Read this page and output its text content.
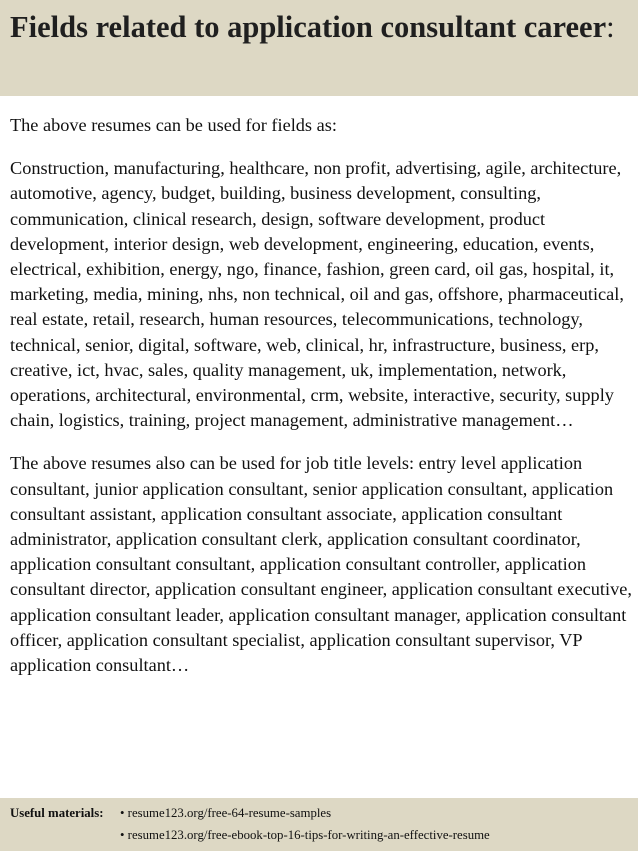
Fields related to application consultant career:

The above resumes can be used for fields as:

Construction, manufacturing, healthcare, non profit, advertising, agile, architecture, automotive, agency, budget, building, business development, consulting, communication, clinical research, design, software development, product development, interior design, web development, engineering, education, events, electrical, exhibition, energy, ngo, finance, fashion, green card, oil gas, hospital, it, marketing, media, mining, nhs, non technical, oil and gas, offshore, pharmaceutical, real estate, retail, research, human resources, telecommunications, technology, technical, senior, digital, software, web, clinical, hr, infrastructure, business, erp, creative, ict, hvac, sales, quality management, uk, implementation, network, operations, architectural, environmental, crm, website, interactive, security, supply chain, logistics, training, project management, administrative management…

The above resumes also can be used for job title levels: entry level application consultant, junior application consultant, senior application consultant, application consultant assistant, application consultant associate, application consultant administrator, application consultant clerk, application consultant coordinator, application consultant consultant, application consultant controller, application consultant director, application consultant engineer, application consultant executive, application consultant leader, application consultant manager, application consultant officer, application consultant specialist, application consultant supervisor, VP application consultant…

Useful materials: • resume123.org/free-64-resume-samples
• resume123.org/free-ebook-top-16-tips-for-writing-an-effective-resume
